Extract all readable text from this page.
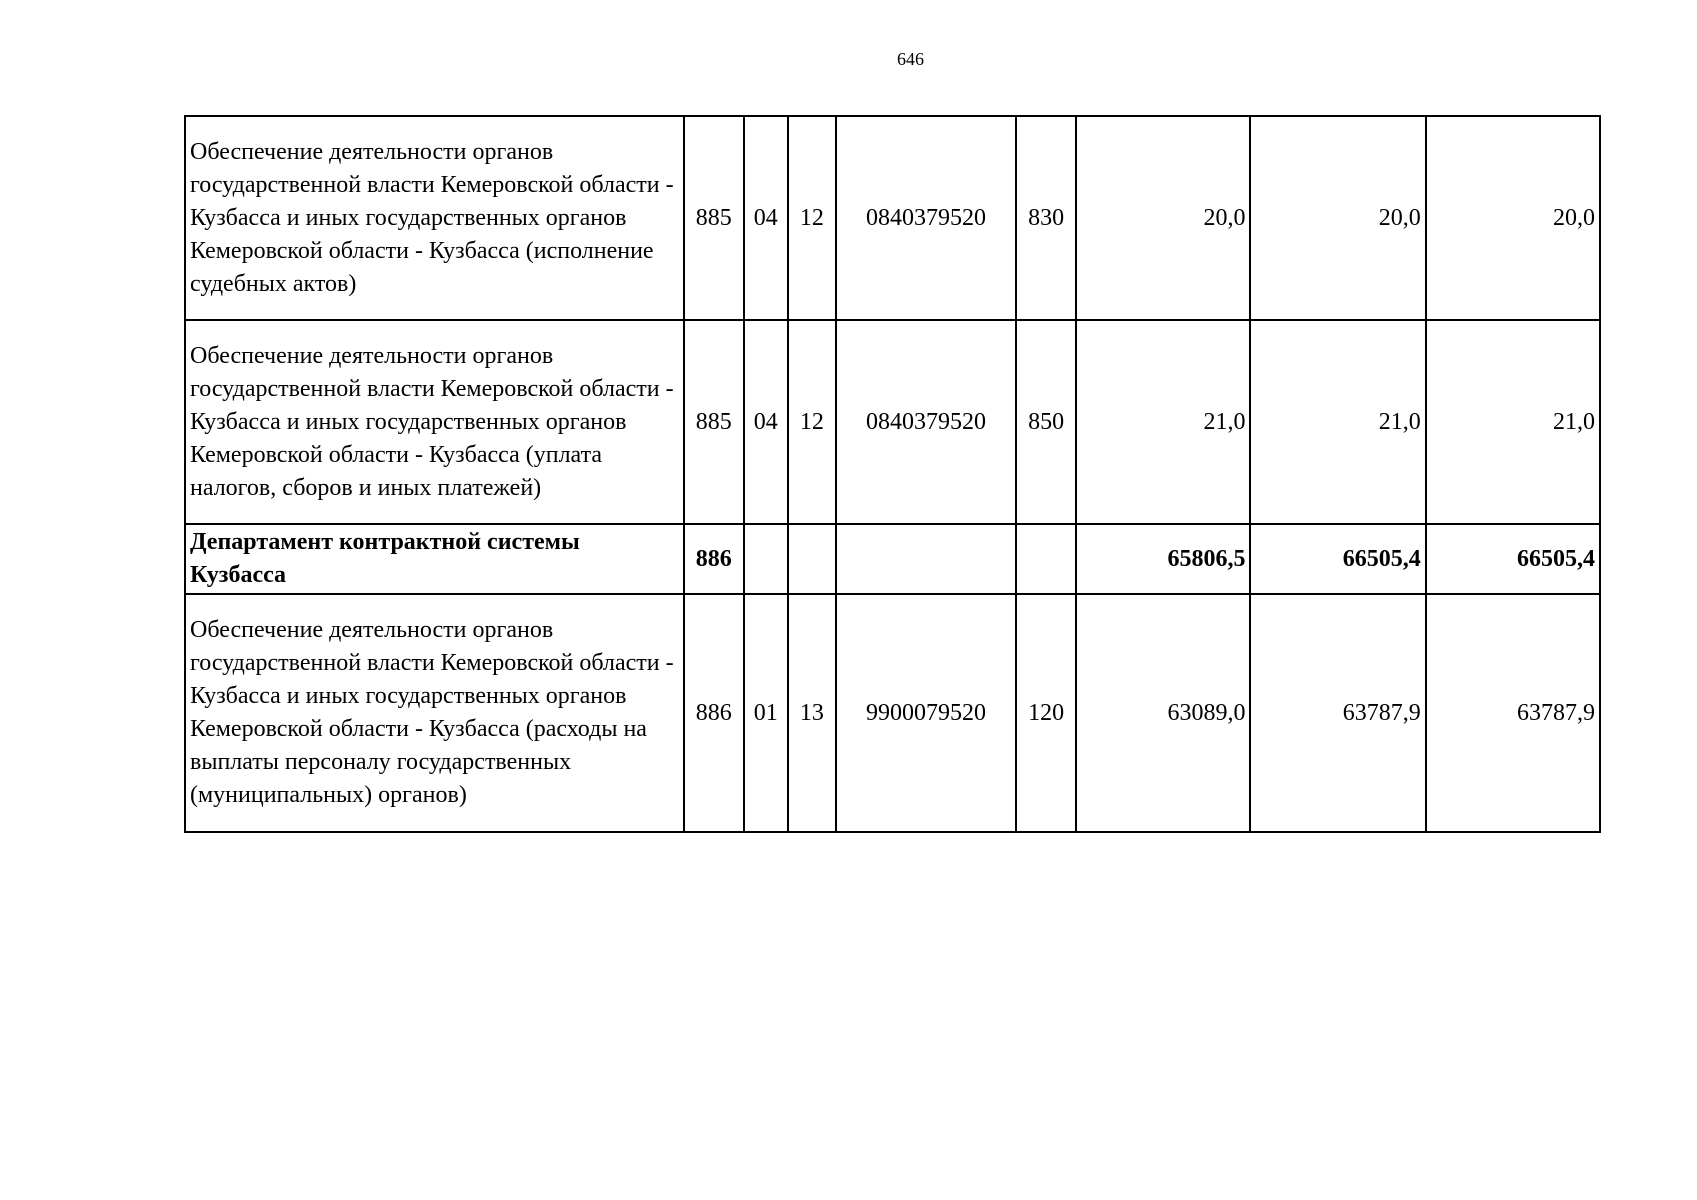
646
Обеспечение деятельности органов государственной власти Кемеровской области - Кузбасса и иных государственных органов Кемеровской области - Кузбасса (исполнение судебных актов)	885	04	12	0840379520	830	20,0	20,0	20,0
Обеспечение деятельности органов государственной власти Кемеровской области - Кузбасса и иных государственных органов Кемеровской области - Кузбасса (уплата налогов, сборов и иных платежей)	885	04	12	0840379520	850	21,0	21,0	21,0
Департамент контрактной системы Кузбасса	886					65806,5	66505,4	66505,4
Обеспечение деятельности органов государственной власти Кемеровской области - Кузбасса и иных государственных органов Кемеровской области - Кузбасса (расходы на выплаты персоналу государственных (муниципальных) органов)	886	01	13	9900079520	120	63089,0	63787,9	63787,9
